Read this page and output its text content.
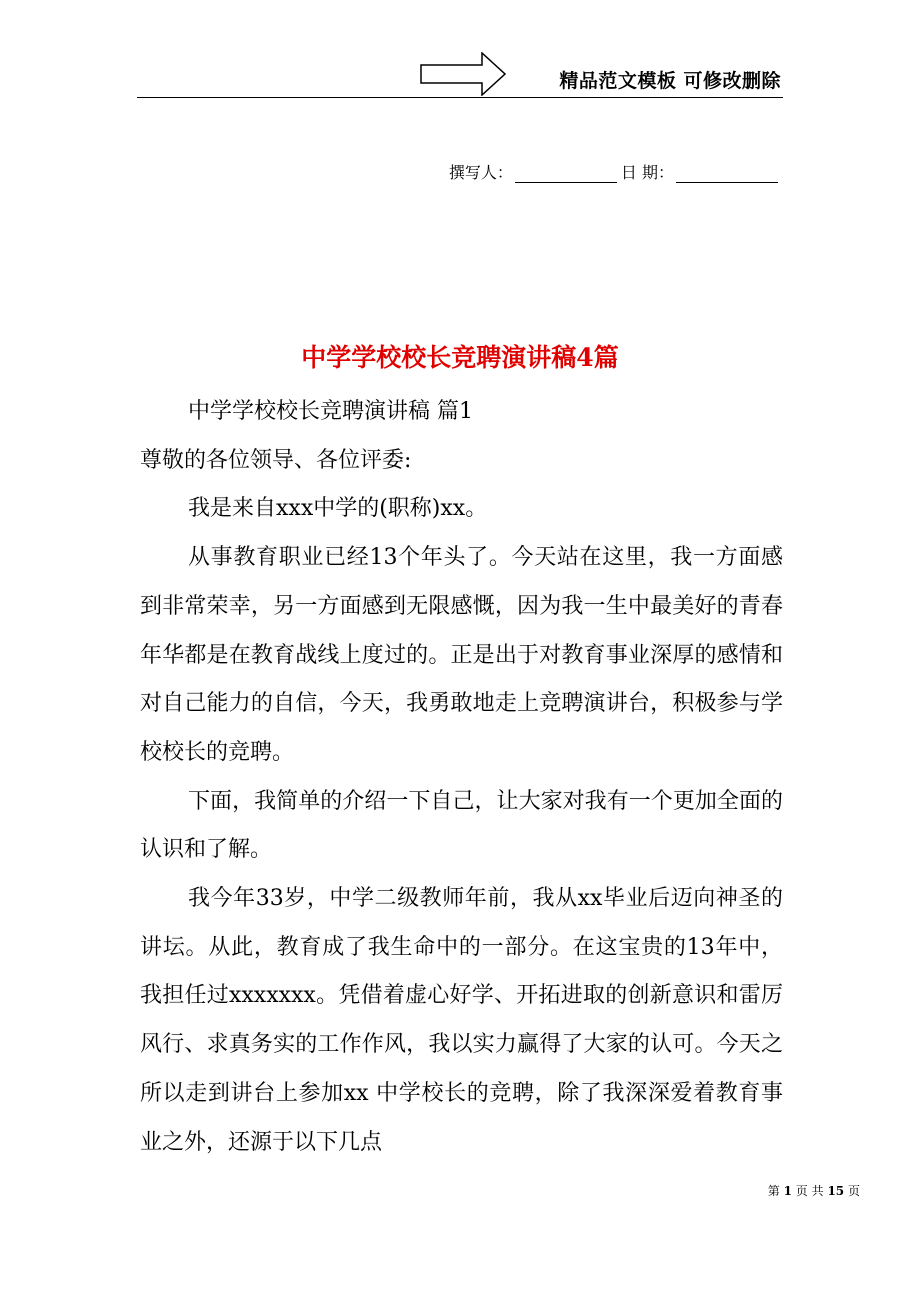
精品范文模板 可修改删除
撰写人：	日 期：
中学学校校长竞聘演讲稿4篇

中学学校校长竞聘演讲稿 篇1

尊敬的各位领导、各位评委:

我是来自xxx中学的(职称)xx。

从事教育职业已经13个年头了。今天站在这里，我一方面感到非常荣幸，另一方面感到无限感慨，因为我一生中最美好的青春年华都是在教育战线上度过的。正是出于对教育事业深厚的感情和对自己能力的自信，今天，我勇敢地走上竞聘演讲台，积极参与学校校长的竞聘。

下面，我简单的介绍一下自己，让大家对我有一个更加全面的认识和了解。

我今年33岁，中学二级教师年前，我从xx毕业后迈向神圣的讲坛。从此，教育成了我生命中的一部分。在这宝贵的13年中，我担任过xxxxxxx。凭借着虚心好学、开拓进取的创新意识和雷厉风行、求真务实的工作作风，我以实力赢得了大家的认可。今天之所以走到讲台上参加xx 中学校长的竞聘，除了我深深爱着教育事业之外，还源于以下几点

第 1 页 共 15 页
